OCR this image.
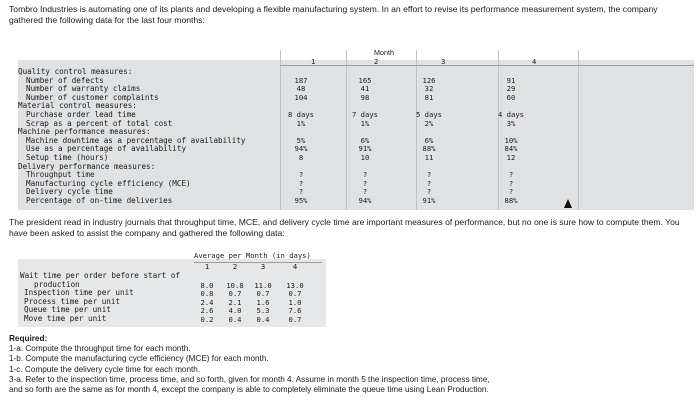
Tombro Industries is automating one of its plants and developing a flexible manufacturing system. In an effort to revise its performance measurement system, the company gathered the following data for the last four months:
Month
1	2	3	4
Quality control measures:
Number of defects	187	165	126	91
Number of warranty claims	48	41	32	29
Number of customer complaints	104	98	81	60
Material control measures:
Purchase order lead time	8 days	7 days	5 days	4 days
Scrap as a percent of total cost	1%	1%	2%	3%
Machine performance measures:
Machine downtime as a percentage of availability	5%	6%	6%	10%
Use as a percentage of availability	94%	91%	88%	84%
Setup time (hours)	8	10	11	12
Delivery performance measures:
Throughput time	?	?	?	?
Manufacturing cycle efficiency (MCE)	?	?	?	?
Delivery cycle time	?	?	?	?
Percentage of on-time deliveries	95%	94%	91%	88%
The president read in industry journals that throughput time, MCE, and delivery cycle time are important measures of performance, but no one is sure how to compute them. You have been asked to assist the company and gathered the following data:
Average per Month (in days)
1	2	3	4
Wait time per order before start of
production	8.0	10.8	11.0	13.0
Inspection time per unit	0.8	0.7	0.7	0.7
Process time per unit	2.4	2.1	1.6	1.0
Queue time per unit	2.6	4.0	5.3	7.6
Move time per unit	0.2	0.4	0.4	0.7
Required:
1-a. Compute the throughput time for each month.
1-b. Compute the manufacturing cycle efficiency (MCE) for each month.
1-c. Compute the delivery cycle time for each month.
3-a. Refer to the inspection time, process time, and so forth, given for month 4. Assume in month 5 the inspection time, process time,
and so forth are the same as for month 4, except the company is able to completely eliminate the queue time using Lean Production.
